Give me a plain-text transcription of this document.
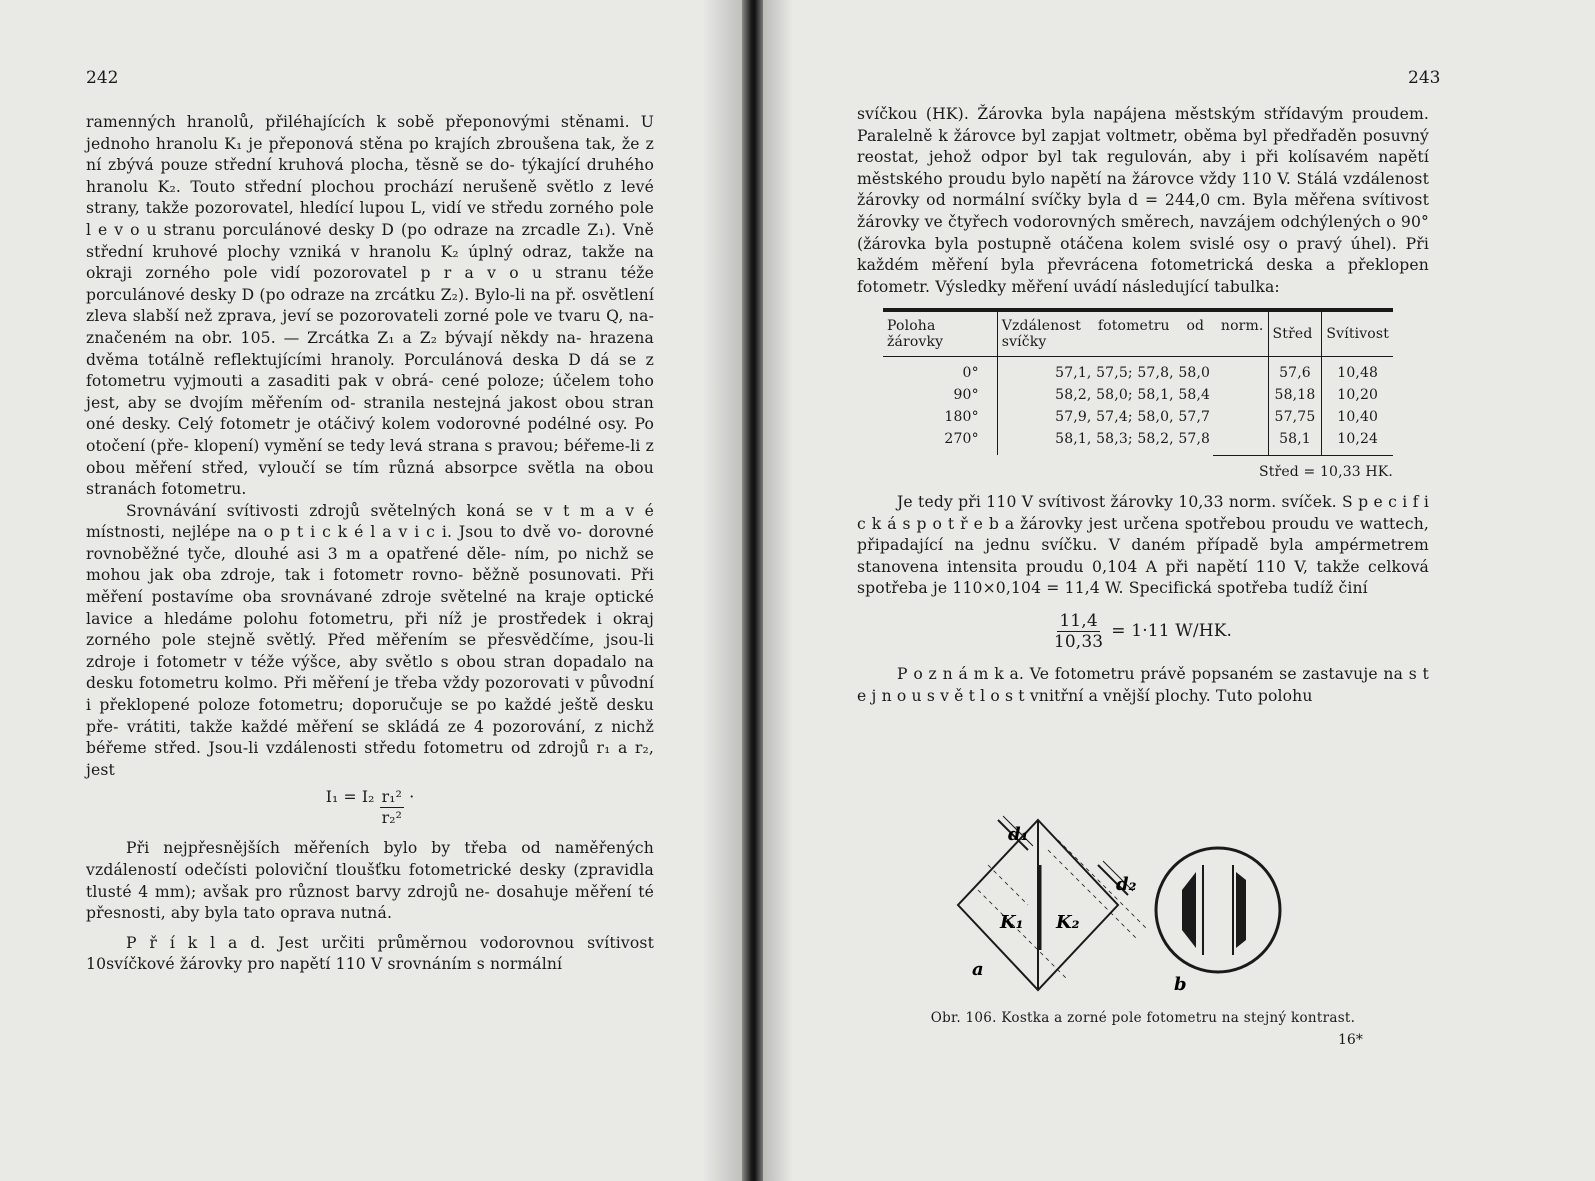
242

ramenných hranolů, přiléhajících k sobě přeponovými stěnami. U jednoho hranolu K₁ je přeponová stěna po krajích zbroušena tak, že z ní zbývá pouze střední kruhová plocha, těsně se do- týkající druhého hranolu K₂. Touto střední plochou prochází nerušeně světlo z levé strany, takže pozorovatel, hledící lupou L, vidí ve středu zorného pole l e v o u stranu porculánové desky D (po odraze na zrcadle Z₁). Vně střední kruhové plochy vzniká v hranolu K₂ úplný odraz, takže na okraji zorného pole vidí pozorovatel p r a v o u stranu téže porculánové desky D (po odraze na zrcátku Z₂). Bylo-li na př. osvětlení zleva slabší než zprava, jeví se pozorovateli zorné pole ve tvaru Q, na- značeném na obr. 105. — Zrcátka Z₁ a Z₂ bývají někdy na- hrazena dvěma totálně reflektujícími hranoly. Porculánová deska D dá se z fotometru vyjmouti a zasaditi pak v obrá- cené poloze; účelem toho jest, aby se dvojím měřením od- stranila nestejná jakost obou stran oné desky. Celý fotometr je otáčivý kolem vodorovné podélné osy. Po otočení (pře- klopení) vymění se tedy levá strana s pravou; béřeme-li z obou měření střed, vyloučí se tím různá absorpce světla na obou stranách fotometru.

Srovnávání svítivosti zdrojů světelných koná se v t m a v é místnosti, nejlépe na o p t i c k é l a v i c i. Jsou to dvě vo- dorovné rovnoběžné tyče, dlouhé asi 3 m a opatřené děle- ním, po nichž se mohou jak oba zdroje, tak i fotometr rovno- běžně posunovati. Při měření postavíme oba srovnávané zdroje světelné na kraje optické lavice a hledáme polohu fotometru, při níž je prostředek i okraj zorného pole stejně světlý. Před měřením se přesvědčíme, jsou-li zdroje i fotometr v téže výšce, aby světlo s obou stran dopadalo na desku fotometru kolmo. Při měření je třeba vždy pozorovati v původní i překlopené poloze fotometru; doporučuje se po každé ještě desku pře- vrátiti, takže každé měření se skládá ze 4 pozorování, z nichž béřeme střed. Jsou-li vzdálenosti středu fotometru od zdrojů r₁ a r₂, jest

$I_1 = I_2 \frac{\text{r₁²}}{\text{r₂²}}$ ·

Při nejpřesnějších měřeních bylo by třeba od naměřených vzdáleností odečísti poloviční tloušťku fotometrické desky (zpravidla tlusté 4 mm); avšak pro různost barvy zdrojů ne- dosahuje měření té přesnosti, aby byla tato oprava nutná.

P ř í k l a d. Jest určiti průměrnou vodorovnou svítivost 10svíčkové žárovky pro napětí 110 V srovnáním s normální

243

svíčkou (HK). Žárovka byla napájena městským střídavým proudem. Paralelně k žárovce byl zapjat voltmetr, oběma byl předřaděn posuvný reostat, jehož odpor byl tak regulován, aby i při kolísavém napětí městského proudu bylo napětí na žárovce vždy 110 V. Stálá vzdálenost žárovky od normální svíčky byla d = 244,0 cm. Byla měřena svítivost žárovky ve čtyřech vodorovných směrech, navzájem odchýlených o 90° (žárovka byla postupně otáčena kolem svislé osy o pravý úhel). Při každém měření byla převrácena fotometrická deska a překlopen fotometr. Výsledky měření uvádí následující tabulka:

Poloha žárovky	Vzdálenost fotometru od norm. svíčky	Střed	Svítivost
0°	57,1, 57,5; 57,8, 58,0	57,6	10,48
90°	58,2, 58,0; 58,1, 58,4	58,18	10,20
180°	57,9, 57,4; 58,0, 57,7	57,75	10,40
270°	58,1, 58,3; 58,2, 57,8	58,1	10,24
Střed = 10,33 HK.

Je tedy při 110 V svítivost žárovky 10,33 norm. svíček. S p e c i f i c k á s p o t ř e b a žárovky jest určena spotřebou proudu ve wattech, připadající na jednu svíčku. V daném případě byla ampérmetrem stanovena intensita proudu 0,104 A při napětí 110 V, takže celková spotřeba je 110×0,104 = 11,4 W. Specifická spotřeba tudíž činí

$\frac{11,4}{10,33} = 1\cdot 11$ W/HK.

P o z n á m k a. Ve fotometru právě popsaném se zastavuje na s t e j n o u s v ě t l o s t vnitřní a vnější plochy. Tuto polohu

d₁
d₂
K₁ K₂
a
b
Obr. 106. Kostka a zorné pole fotometru na stejný kontrast.
16*
